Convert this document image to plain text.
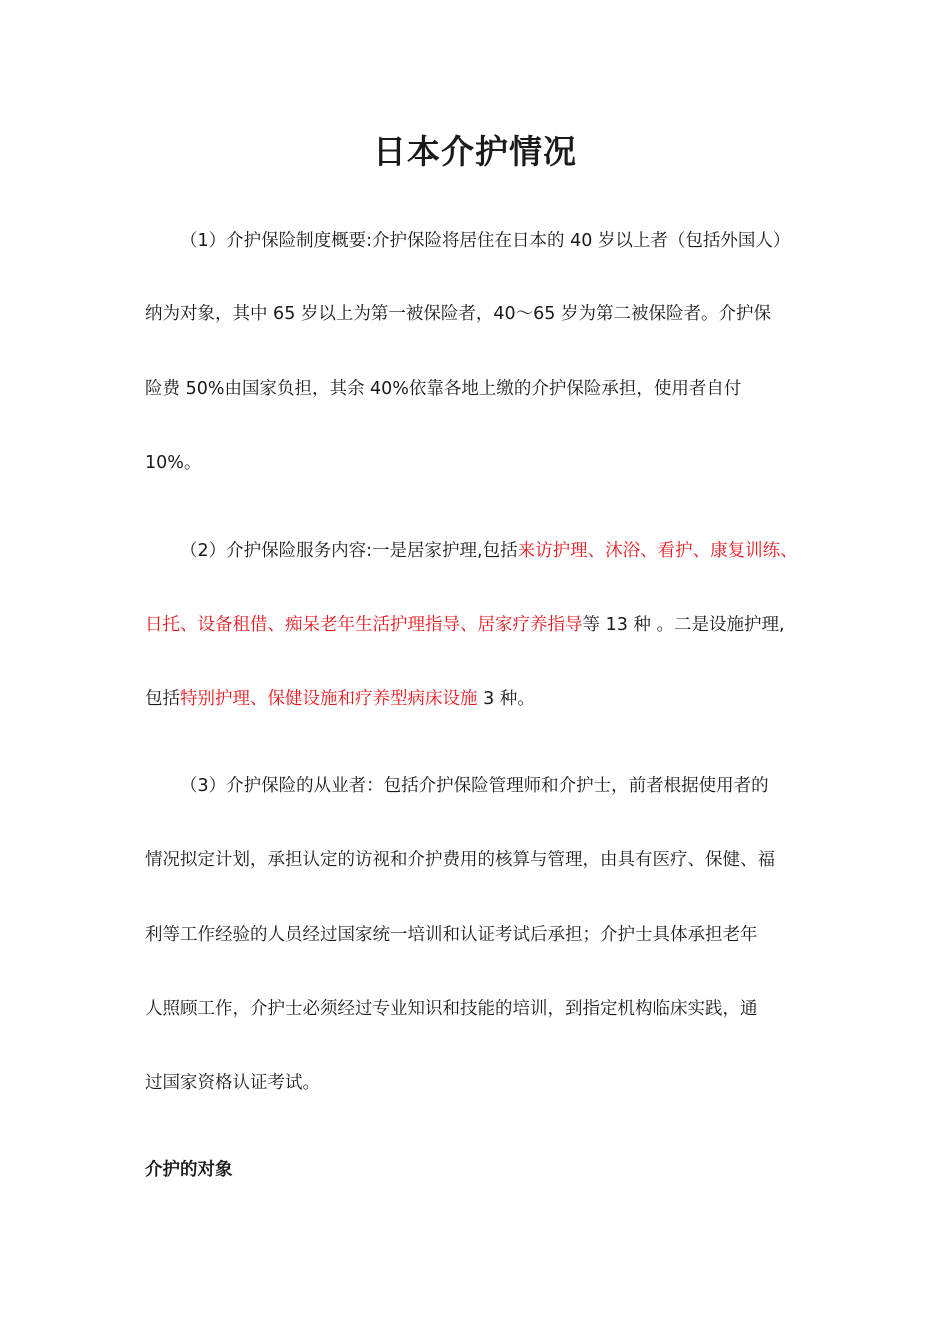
日本介护情况

（1）介护保险制度概要:介护保险将居住在日本的 40 岁以上者（包括外国人）

纳为对象，其中 65 岁以上为第一被保险者，40～65 岁为第二被保险者。介护保

险费 50%由国家负担，其余 40%依靠各地上缴的介护保险承担，使用者自付

10%。

（2）介护保险服务内容:一是居家护理,包括来访护理、沐浴、看护、康复训练、

日托、设备租借、痴呆老年生活护理指导、居家疗养指导等 13 种 。二是设施护理,

包括特别护理、保健设施和疗养型病床设施 3 种。

（3）介护保险的从业者：包括介护保险管理师和介护士，前者根据使用者的

情况拟定计划，承担认定的访视和介护费用的核算与管理，由具有医疗、保健、福

利等工作经验的人员经过国家统一培训和认证考试后承担；介护士具体承担老年

人照顾工作，介护士必须经过专业知识和技能的培训，到指定机构临床实践，通

过国家资格认证考试。

介护的对象
